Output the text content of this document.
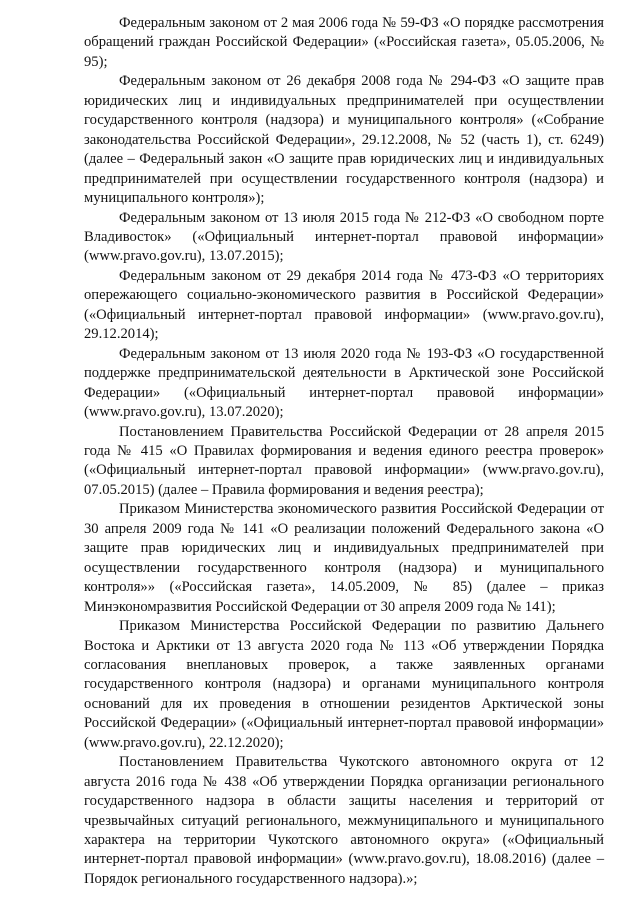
Федеральным законом от 2 мая 2006 года № 59-ФЗ «О порядке рассмотрения обращений граждан Российской Федерации» («Российская газета», 05.05.2006, № 95);

Федеральным законом от 26 декабря 2008 года № 294-ФЗ «О защите прав юридических лиц и индивидуальных предпринимателей при осуществлении государственного контроля (надзора) и муниципального контроля» («Собрание законодательства Российской Федерации», 29.12.2008, № 52 (часть 1), ст. 6249) (далее – Федеральный закон «О защите прав юридических лиц и индивидуальных предпринимателей при осуществлении государственного контроля (надзора) и муниципального контроля»);

Федеральным законом от 13 июля 2015 года № 212-ФЗ «О свободном порте Владивосток» («Официальный интернет-портал правовой информации» (www.pravo.gov.ru), 13.07.2015);

Федеральным законом от 29 декабря 2014 года № 473-ФЗ «О территориях опережающего социально-экономического развития в Российской Федерации» («Официальный интернет-портал правовой информации» (www.pravo.gov.ru), 29.12.2014);

Федеральным законом от 13 июля 2020 года № 193-ФЗ «О государственной поддержке предпринимательской деятельности в Арктической зоне Российской Федерации» («Официальный интернет-портал правовой информации» (www.pravo.gov.ru), 13.07.2020);

Постановлением Правительства Российской Федерации от 28 апреля 2015 года № 415 «О Правилах формирования и ведения единого реестра проверок» («Официальный интернет-портал правовой информации» (www.pravo.gov.ru), 07.05.2015) (далее – Правила формирования и ведения реестра);

Приказом Министерства экономического развития Российской Федерации от 30 апреля 2009 года № 141 «О реализации положений Федерального закона «О защите прав юридических лиц и индивидуальных предпринимателей при осуществлении государственного контроля (надзора) и муниципального контроля»» («Российская газета», 14.05.2009, № 85) (далее – приказ Минэкономразвития Российской Федерации от 30 апреля 2009 года № 141);

Приказом Министерства Российской Федерации по развитию Дальнего Востока и Арктики от 13 августа 2020 года № 113 «Об утверждении Порядка согласования внеплановых проверок, а также заявленных органами государственного контроля (надзора) и органами муниципального контроля оснований для их проведения в отношении резидентов Арктической зоны Российской Федерации» («Официальный интернет-портал правовой информации» (www.pravo.gov.ru), 22.12.2020);

Постановлением Правительства Чукотского автономного округа от 12 августа 2016 года № 438 «Об утверждении Порядка организации регионального государственного надзора в области защиты населения и территорий от чрезвычайных ситуаций регионального, межмуниципального и муниципального характера на территории Чукотского автономного округа» («Официальный интернет-портал правовой информации» (www.pravo.gov.ru), 18.08.2016) (далее – Порядок регионального государственного надзора).»;
